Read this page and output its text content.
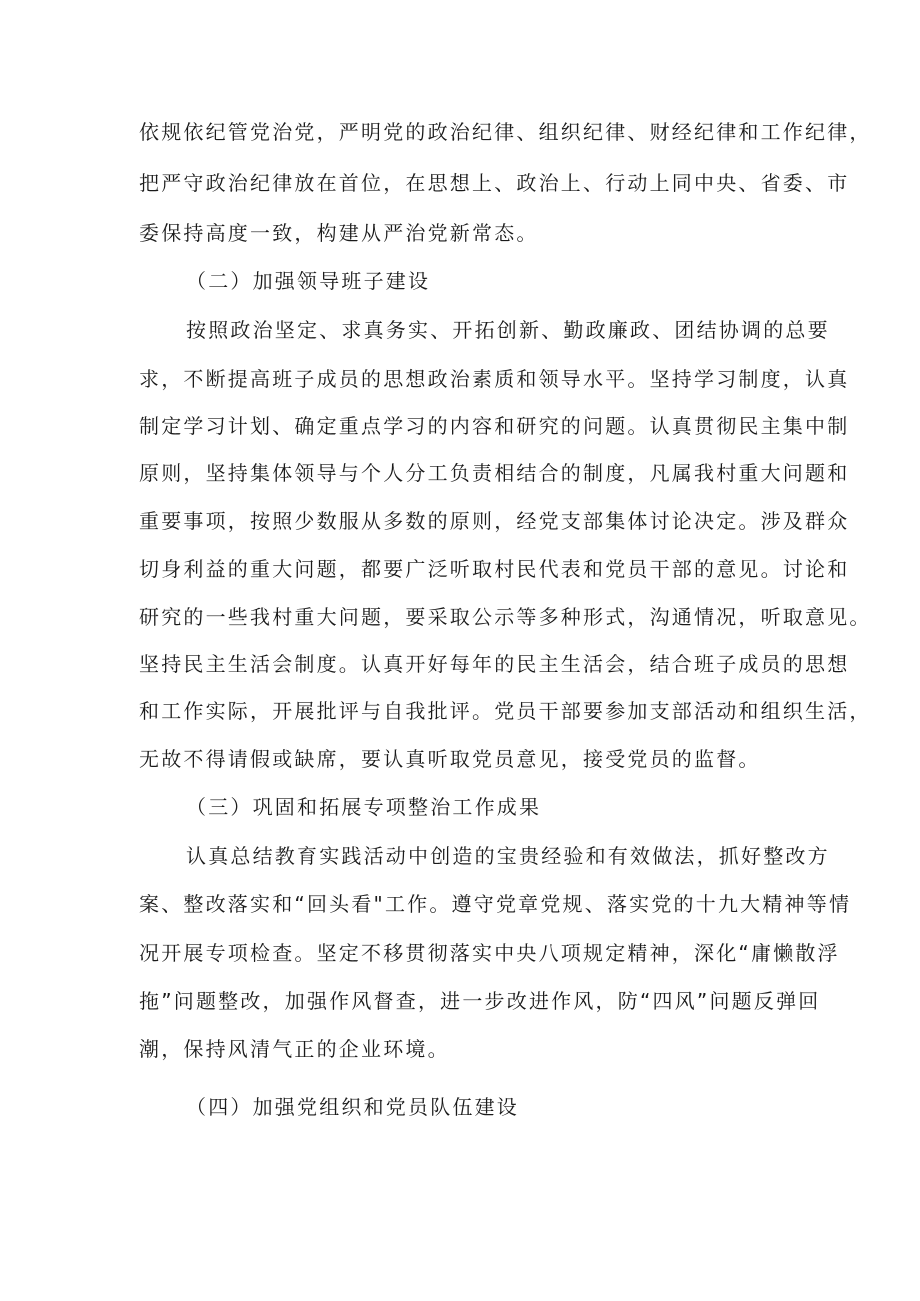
依规依纪管党治党，严明党的政治纪律、组织纪律、财经纪律和工作纪律，
把严守政治纪律放在首位，在思想上、政治上、行动上同中央、省委、市
委保持高度一致，构建从严治党新常态。
（二）加强领导班子建设
按照政治坚定、求真务实、开拓创新、勤政廉政、团结协调的总要
求，不断提高班子成员的思想政治素质和领导水平。坚持学习制度，认真
制定学习计划、确定重点学习的内容和研究的问题。认真贯彻民主集中制
原则，坚持集体领导与个人分工负责相结合的制度，凡属我村重大问题和
重要事项，按照少数服从多数的原则，经党支部集体讨论决定。涉及群众
切身利益的重大问题，都要广泛听取村民代表和党员干部的意见。讨论和
研究的一些我村重大问题，要采取公示等多种形式，沟通情况，听取意见。
坚持民主生活会制度。认真开好每年的民主生活会，结合班子成员的思想
和工作实际，开展批评与自我批评。党员干部要参加支部活动和组织生活，
无故不得请假或缺席，要认真听取党员意见，接受党员的监督。
（三）巩固和拓展专项整治工作成果
认真总结教育实践活动中创造的宝贵经验和有效做法，抓好整改方
案、整改落实和“回头看"工作。遵守党章党规、落实党的十九大精神等情
况开展专项检查。坚定不移贯彻落实中央八项规定精神，深化“庸懒散浮
拖”问题整改，加强作风督查，进一步改进作风，防“四风”问题反弹回
潮，保持风清气正的企业环境。
（四）加强党组织和党员队伍建设
